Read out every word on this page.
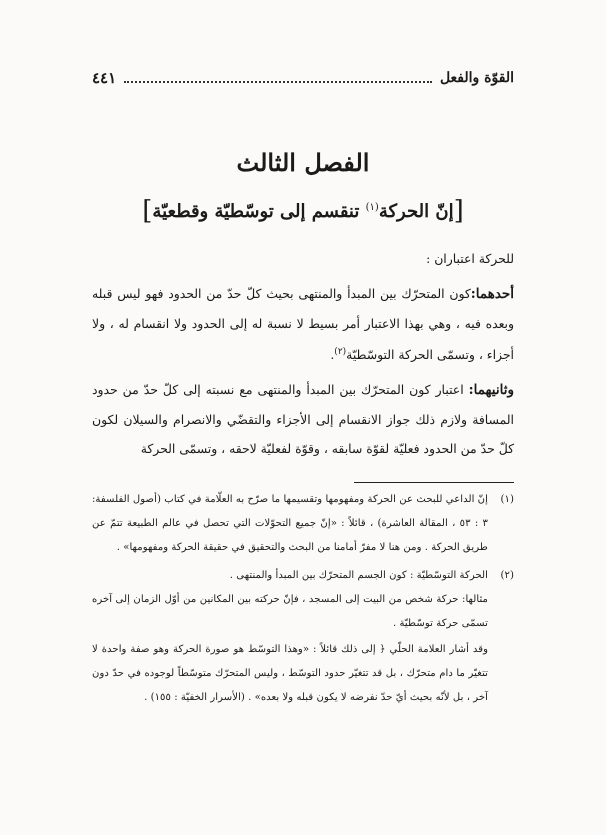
القوّة والفعل
٤٤١
الفصل الثالث
[إنّ الحركة$^{(١)}$ تنقسم إلى توسّطيّة وقطعيّة]

للحركة اعتباران :

أحدهما:كون المتحرّك بين المبدأ والمنتهى بحيث كلّ حدّ من الحدود فهو ليس قبله وبعده فيه ، وهي بهذا الاعتبار أمر بسيط لا نسبة له إلى الحدود ولا انقسام له ، ولا أجزاء ، وتسمّى الحركة التوسّطيّة$^{(٢)}$.

وثانيهما: اعتبار كون المتحرّك بين المبدأ والمنتهى مع نسبته إلى كلّ حدّ من حدود المسافة ولازم ذلك جواز الانقسام إلى الأجزاء والتقضّي والانصرام والسيلان لكون كلّ حدّ من الحدود فعليّة لقوّة سابقه ، وقوّة لفعليّة لاحقه ، وتسمّى الحركة

(١)

إنّ الداعي للبحث عن الحركة ومفهومها وتقسيمها ما صرّح به العلّامة في كتاب (أصول الفلسفة: ٣ : ٥٣ ، المقالة العاشرة) ، قائلاً : «إنّ جميع التحوّلات التي تحصل في عالم الطبيعة تتمّ عن طريق الحركة . ومن هنا لا مفرّ أمامنا من البحث والتحقيق في حقيقة الحركة ومفهومها» .

(٢)

الحركة التوسّطيّة : كون الجسم المتحرّك بين المبدأ والمنتهى .

مثالها: حركة شخص من البيت إلى المسجد ، فإنّ حركته بين المكانين من أوّل الزمان إلى آخره تسمّى حركة توسّطيّة .

وقد أشار العلامة الحلّي ﴿ إلى ذلك قائلاً : «وهذا التوسّط هو صورة الحركة وهو صفة واحدة لا تتغيّر ما دام متحرّك ، بل قد تتغيّر حدود التوسّط ، وليس المتحرّك متوسّطاً لوجوده في حدّ دون آخر ، بل لأنّه بحيث أيّ حدّ نفرضه لا يكون قبله ولا بعده» . (الأسرار الخفيّة : ١٥٥) .
